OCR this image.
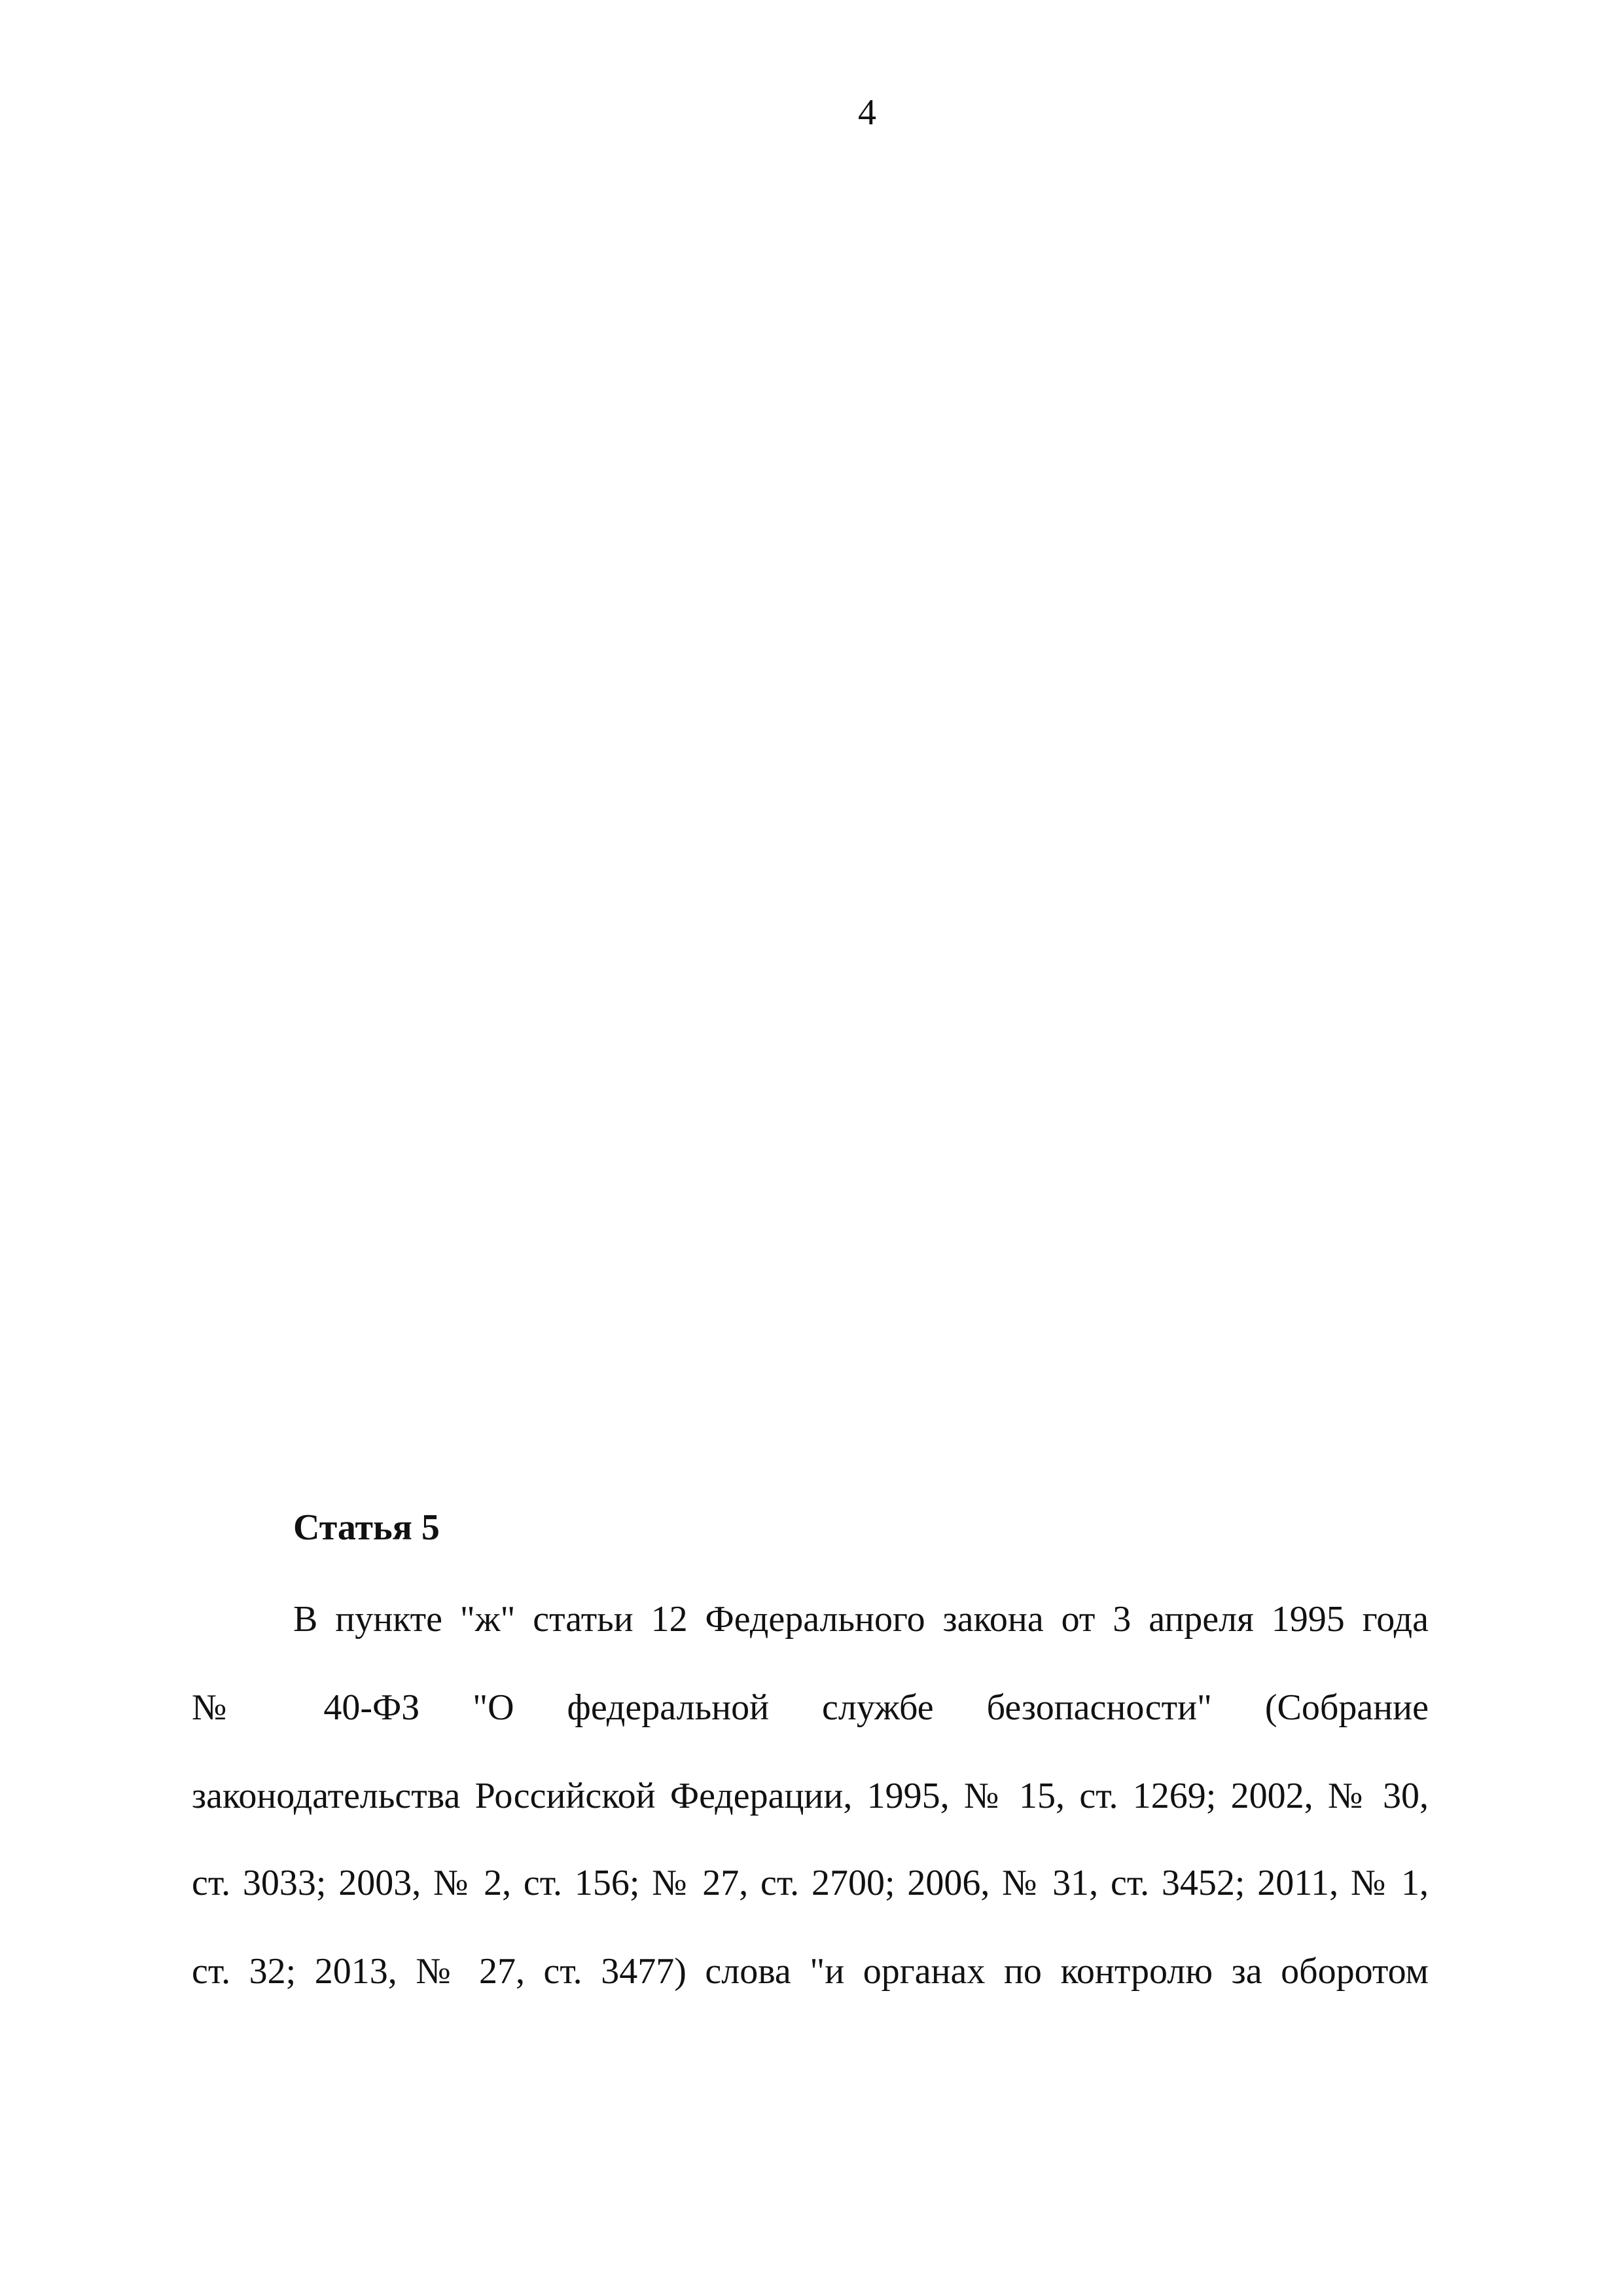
4
Статья 5
В пункте "ж" статьи 12 Федерального закона от 3 апреля 1995 года
№ 40-ФЗ "О федеральной службе безопасности" (Собрание
законодательства Российской Федерации, 1995, № 15, ст. 1269; 2002, № 30,
ст. 3033; 2003, № 2, ст. 156; № 27, ст. 2700; 2006, № 31, ст. 3452; 2011, № 1,
ст. 32; 2013, № 27, ст. 3477) слова "и органах по контролю за оборотом
